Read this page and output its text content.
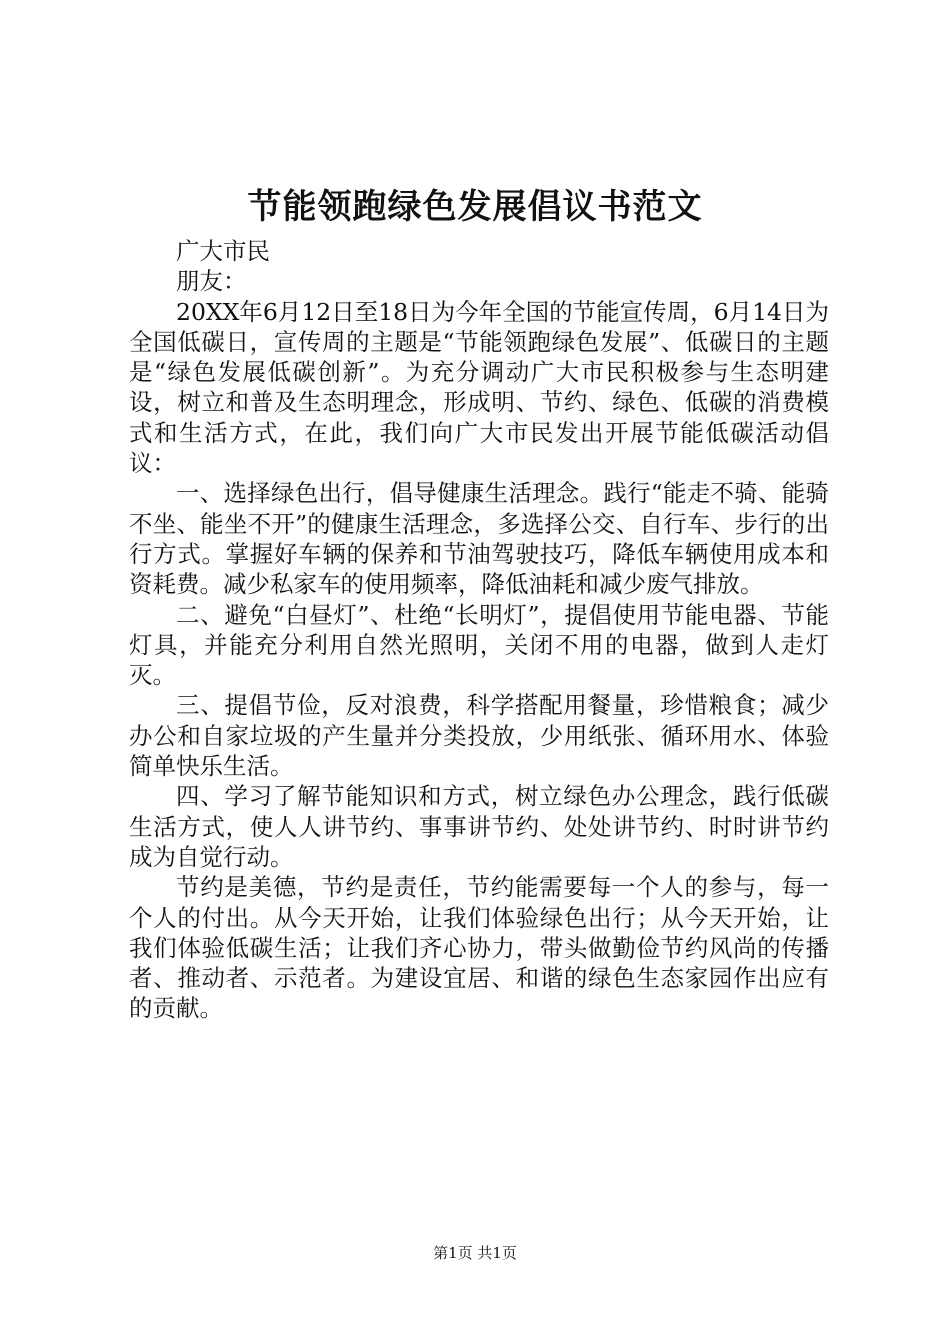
节能领跑绿色发展倡议书范文

广大市民

朋友：

20XX年6月12日至18日为今年全国的节能宣传周，6月14日为全国低碳日，宣传周的主题是“节能领跑绿色发展”、低碳日的主题是“绿色发展低碳创新”。为充分调动广大市民积极参与生态明建设，树立和普及生态明理念，形成明、节约、绿色、低碳的消费模式和生活方式，在此，我们向广大市民发出开展节能低碳活动倡议：

一、选择绿色出行，倡导健康生活理念。践行“能走不骑、能骑不坐、能坐不开”的健康生活理念，多选择公交、自行车、步行的出行方式。掌握好车辆的保养和节油驾驶技巧，降低车辆使用成本和资耗费。减少私家车的使用频率，降低油耗和减少废气排放。

二、避免“白昼灯”、杜绝“长明灯”，提倡使用节能电器、节能灯具，并能充分利用自然光照明，关闭不用的电器，做到人走灯灭。

三、提倡节俭，反对浪费，科学搭配用餐量，珍惜粮食；减少办公和自家垃圾的产生量并分类投放，少用纸张、循环用水、体验简单快乐生活。

四、学习了解节能知识和方式，树立绿色办公理念，践行低碳生活方式，使人人讲节约、事事讲节约、处处讲节约、时时讲节约成为自觉行动。

节约是美德，节约是责任，节约能需要每一个人的参与，每一个人的付出。从今天开始，让我们体验绿色出行；从今天开始，让我们体验低碳生活；让我们齐心协力，带头做勤俭节约风尚的传播者、推动者、示范者。为建设宜居、和谐的绿色生态家园作出应有的贡献。

第1页 共1页
